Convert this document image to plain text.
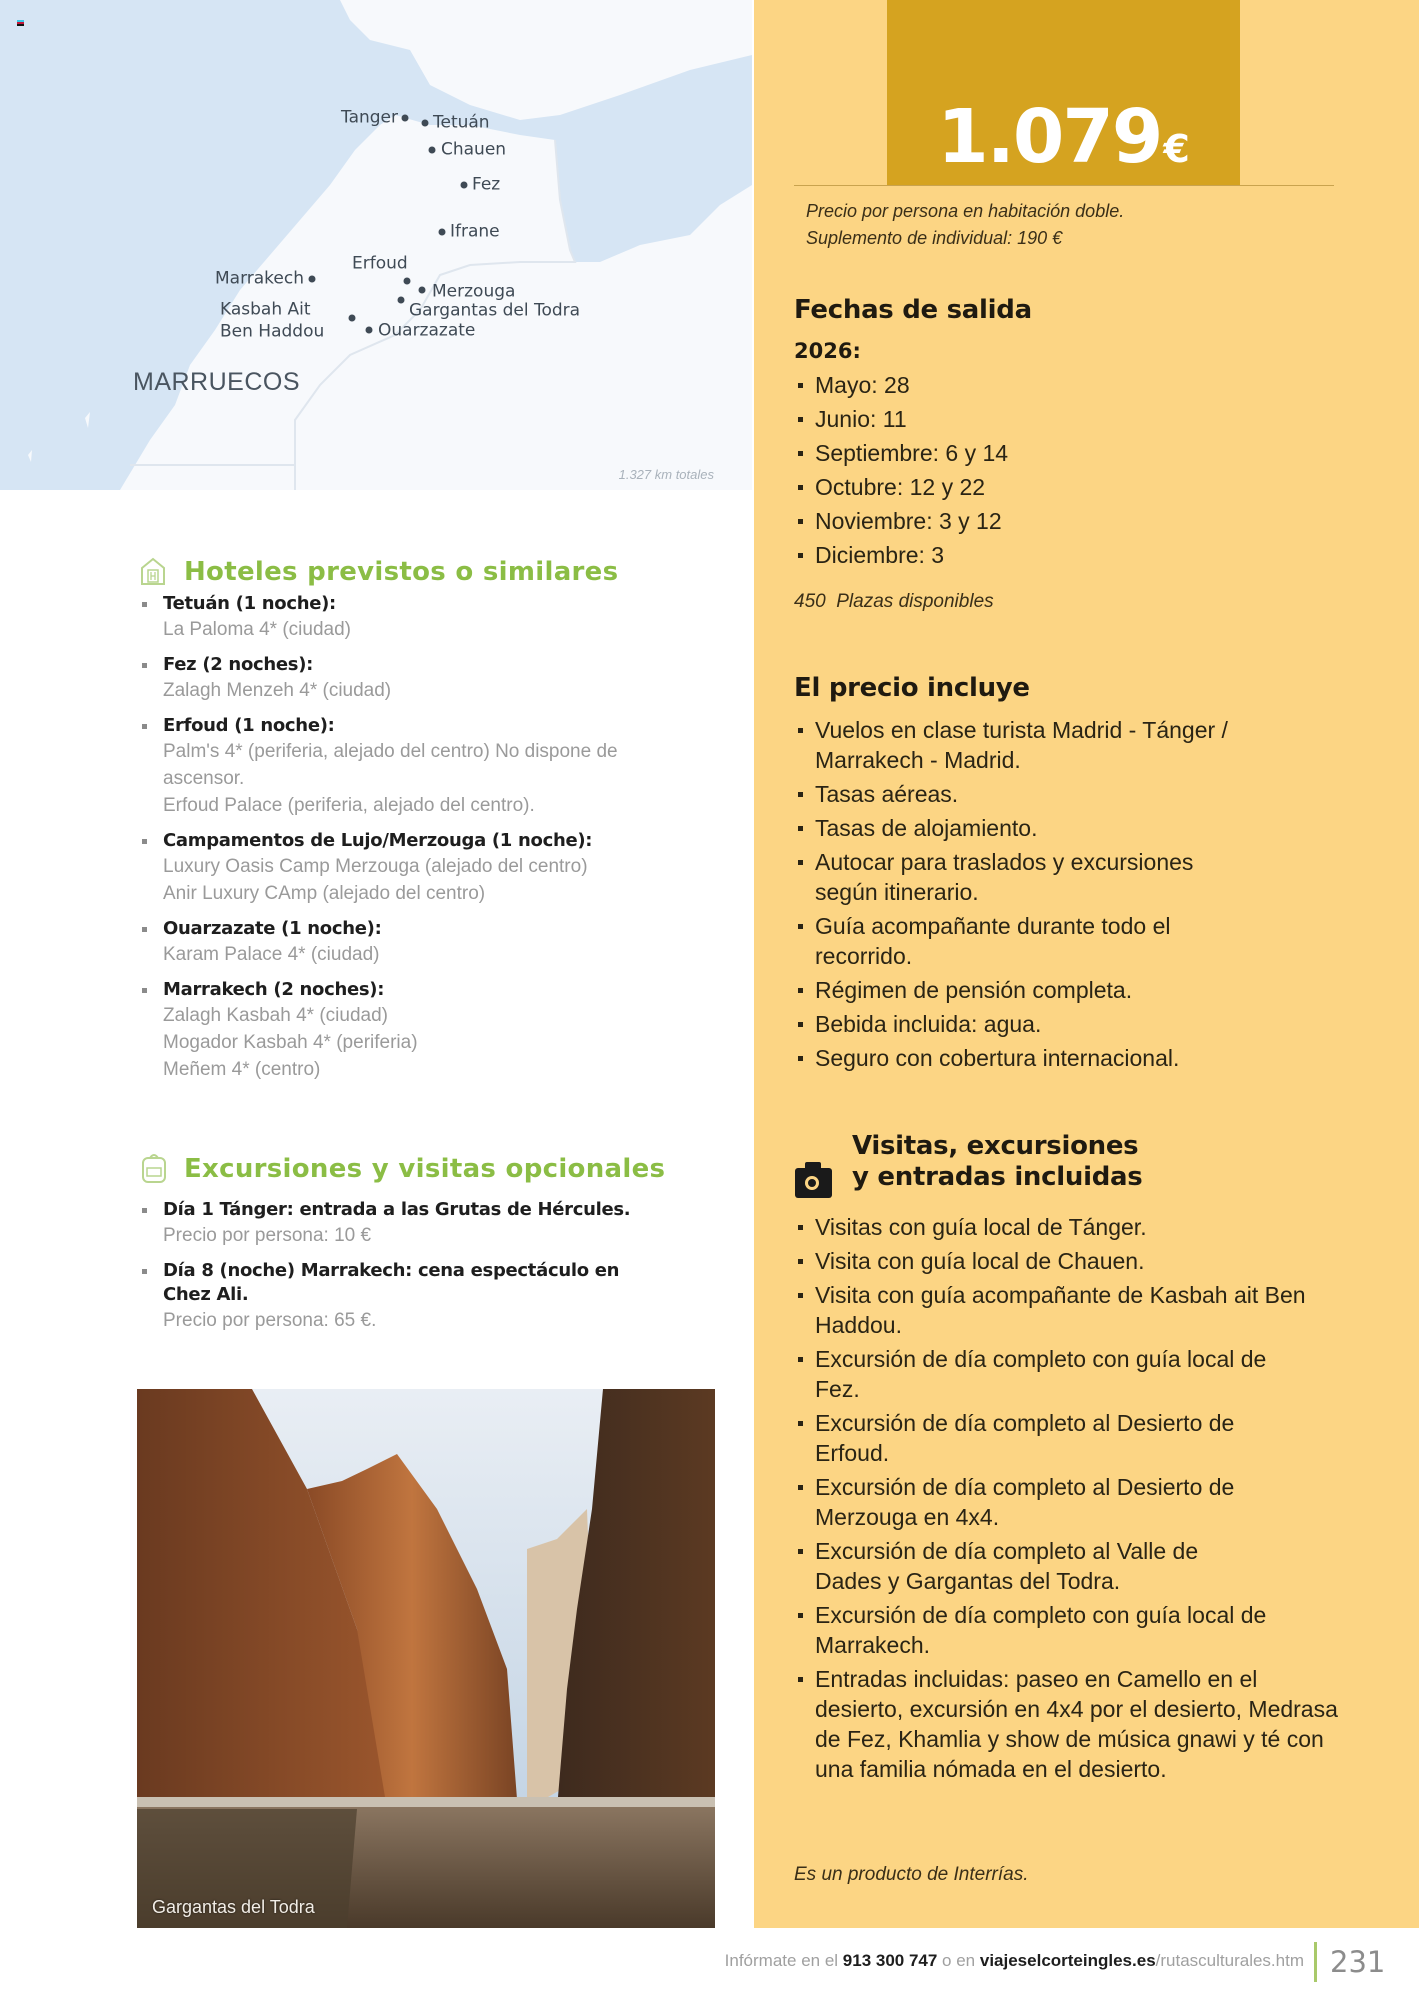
Tanger Tetuán
Chauen
Fez
Ifrane
Erfoud
Marrakech
Merzouga
Gargantas del Todra
Kasbah Ait
Ben Haddou	Ouarzazate
MARRUECOS
1.327 km totales
1.079€
Precio por persona en habitación doble.
Suplemento de individual: 190 €
Fechas de salida
2026:
Mayo: 28
Junio: 11
Septiembre: 6 y 14
Octubre: 12 y 22
Noviembre: 3 y 12
Diciembre: 3
450  Plazas disponibles
El precio incluye
Vuelos en clase turista Madrid - Tánger / Marrakech - Madrid.
Tasas aéreas.
Tasas de alojamiento.
Autocar para traslados y excursiones según itinerario.
Guía acompañante durante todo el recorrido.
Régimen de pensión completa.
Bebida incluida: agua.
Seguro con cobertura internacional.
Visitas, excursiones
y entradas incluidas
Visitas con guía local de Tánger.
Visita con guía local de Chauen.
Visita con guía acompañante de Kasbah ait Ben Haddou.
Excursión de día completo con guía local de Fez.
Excursión de día completo al Desierto de Erfoud.
Excursión de día completo al Desierto de Merzouga en 4x4.
Excursión de día completo al Valle de Dades y Gargantas del Todra.
Excursión de día completo con guía local de Marrakech.
Entradas incluidas: paseo en Camello en el desierto, excursión en 4x4 por el desierto, Medrasa de Fez, Khamlia y show de música gnawi y té con una familia nómada en el desierto.
Es un producto de Interrías.
Hoteles previstos o similares
Tetuán (1 noche):
La Paloma 4* (ciudad)
Fez (2 noches):
Zalagh Menzeh 4* (ciudad)
Erfoud (1 noche):
Palm's 4* (periferia, alejado del centro) No dispone de ascensor.
Erfoud Palace (periferia, alejado del centro).
Campamentos de Lujo/Merzouga (1 noche):
Luxury Oasis Camp Merzouga (alejado del centro)
Anir Luxury CAmp (alejado del centro)
Ouarzazate (1 noche):
Karam Palace 4* (ciudad)
Marrakech (2 noches):
Zalagh Kasbah 4* (ciudad)
Mogador Kasbah 4* (periferia)
Meñem 4* (centro)
Excursiones y visitas opcionales
Día 1 Tánger: entrada a las Grutas de Hércules.
Precio por persona: 10 €
Día 8 (noche) Marrakech: cena espectáculo en Chez Ali.
Precio por persona: 65 €.
Gargantas del Todra
Infórmate en el 913 300 747 o en viajeselcorteingles.es/rutasculturales.htm 231
